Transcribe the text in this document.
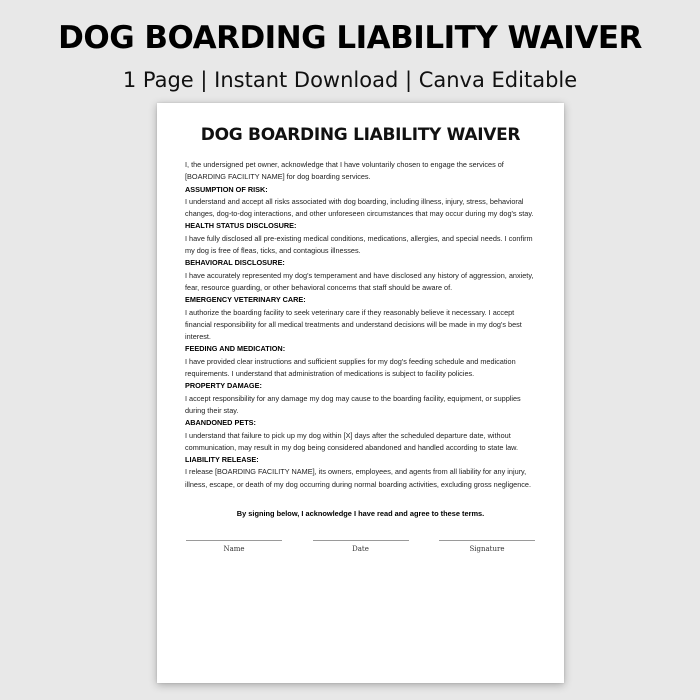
DOG BOARDING LIABILITY WAIVER
1 Page | Instant Download | Canva Editable
DOG BOARDING LIABILITY WAIVER

I, the undersigned pet owner, acknowledge that I have voluntarily chosen to engage the services of [BOARDING FACILITY NAME] for dog boarding services.

ASSUMPTION OF RISK:

I understand and accept all risks associated with dog boarding, including illness, injury, stress, behavioral changes, dog-to-dog interactions, and other unforeseen circumstances that may occur during my dog's stay.

HEALTH STATUS DISCLOSURE:

I have fully disclosed all pre-existing medical conditions, medications, allergies, and special needs. I confirm my dog is free of fleas, ticks, and contagious illnesses.

BEHAVIORAL DISCLOSURE:

I have accurately represented my dog's temperament and have disclosed any history of aggression, anxiety, fear, resource guarding, or other behavioral concerns that staff should be aware of.

EMERGENCY VETERINARY CARE:

I authorize the boarding facility to seek veterinary care if they reasonably believe it necessary. I accept financial responsibility for all medical treatments and understand decisions will be made in my dog's best interest.

FEEDING AND MEDICATION:

I have provided clear instructions and sufficient supplies for my dog's feeding schedule and medication requirements. I understand that administration of medications is subject to facility policies.

PROPERTY DAMAGE:

I accept responsibility for any damage my dog may cause to the boarding facility, equipment, or supplies during their stay.

ABANDONED PETS:

I understand that failure to pick up my dog within [X] days after the scheduled departure date, without communication, may result in my dog being considered abandoned and handled according to state law.

LIABILITY RELEASE:

I release [BOARDING FACILITY NAME], its owners, employees, and agents from all liability for any injury, illness, escape, or death of my dog occurring during normal boarding activities, excluding gross negligence.

By signing below, I acknowledge I have read and agree to these terms.
Name	Date	Signature
